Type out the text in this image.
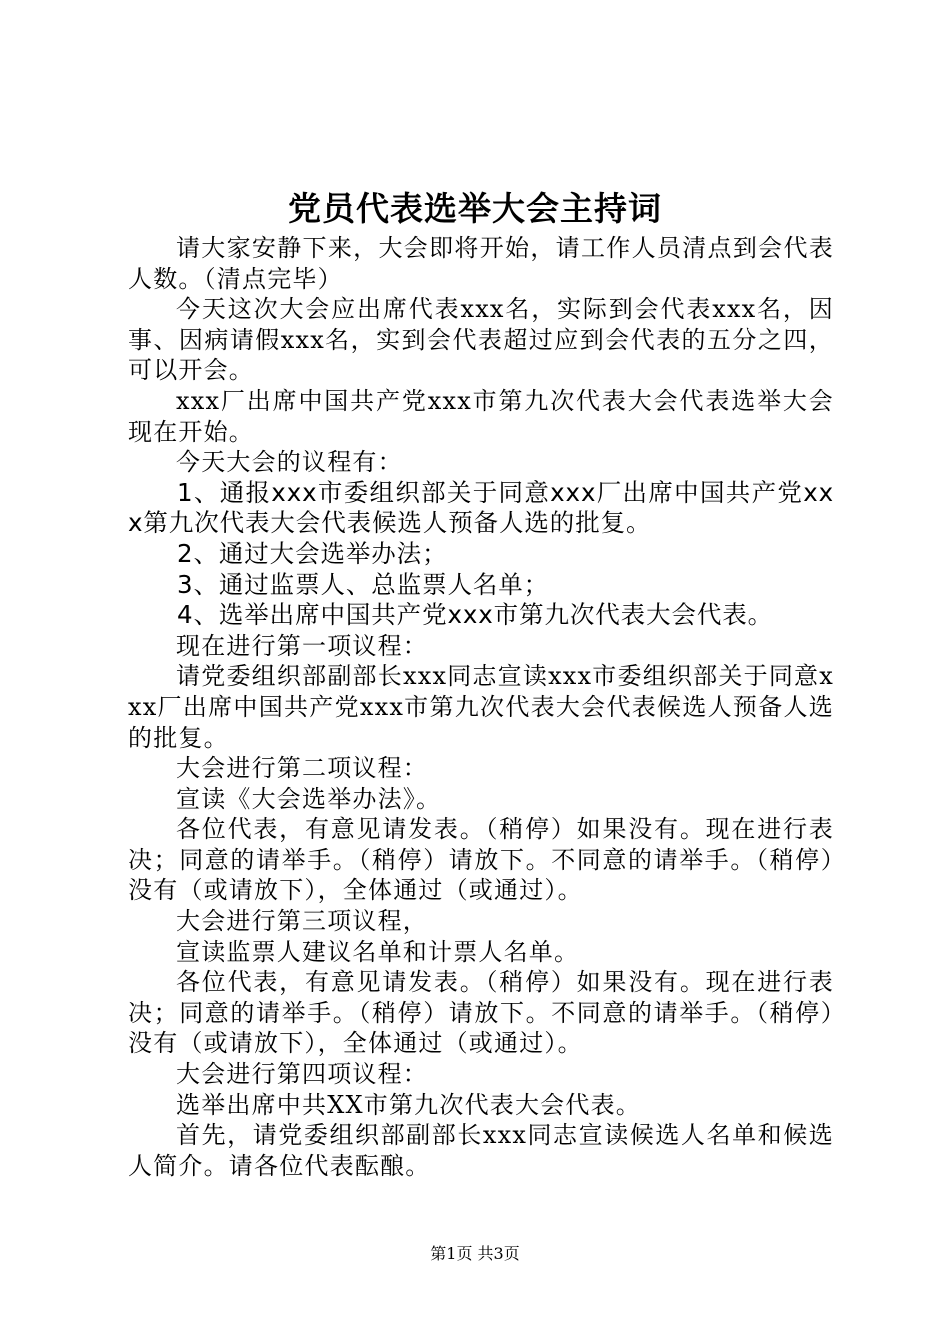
党员代表选举大会主持词

请大家安静下来，大会即将开始，请工作人员清点到会代表人数。（清点完毕）

今天这次大会应出席代表xxx名，实际到会代表xxx名，因事、因病请假xxx名，实到会代表超过应到会代表的五分之四，可以开会。

xxx厂出席中国共产党xxx市第九次代表大会代表选举大会现在开始。

今天大会的议程有：

1、通报xxx市委组织部关于同意xxx厂出席中国共产党xxx第九次代表大会代表候选人预备人选的批复。

2、通过大会选举办法；

3、通过监票人、总监票人名单；

4、选举出席中国共产党xxx市第九次代表大会代表。

现在进行第一项议程：

请党委组织部副部长xxx同志宣读xxx市委组织部关于同意xxx厂出席中国共产党xxx市第九次代表大会代表候选人预备人选的批复。

大会进行第二项议程：

宣读《大会选举办法》。

各位代表，有意见请发表。（稍停）如果没有。现在进行表决；同意的请举手。（稍停）请放下。不同意的请举手。（稍停）没有（或请放下），全体通过（或通过）。

大会进行第三项议程，

宣读监票人建议名单和计票人名单。

各位代表，有意见请发表。（稍停）如果没有。现在进行表决；同意的请举手。（稍停）请放下。不同意的请举手。（稍停）没有（或请放下），全体通过（或通过）。

大会进行第四项议程：

选举出席中共XX市第九次代表大会代表。

首先，请党委组织部副部长xxx同志宣读候选人名单和候选人简介。请各位代表酝酿。

第1页 共3页
